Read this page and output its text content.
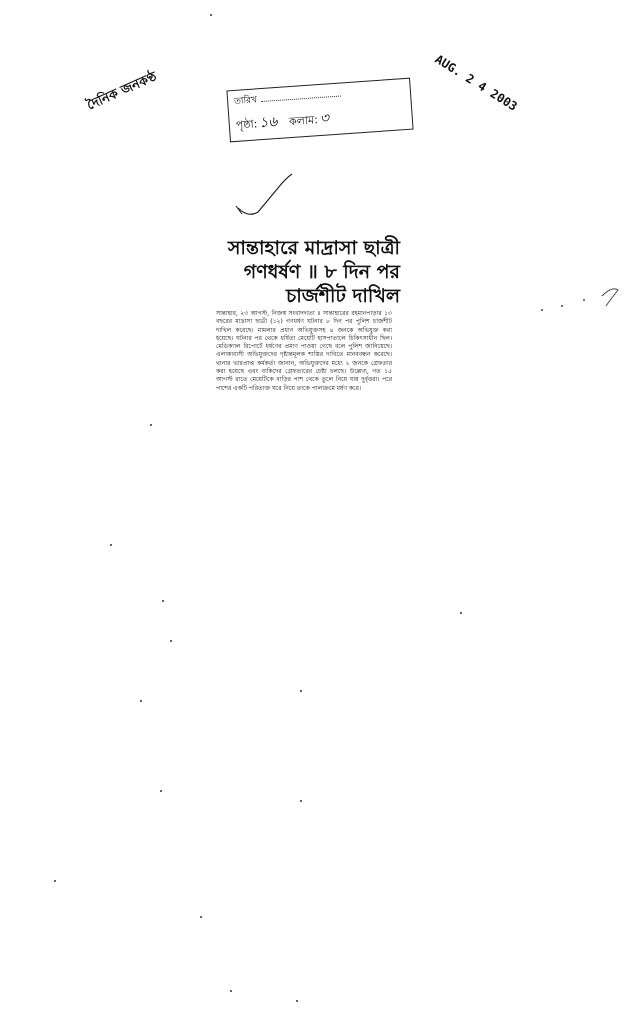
দৈনিক জনকণ্ঠ	AUG. 2 4 2003
তারিখ
পৃষ্ঠা:১৬ কলাম:৩
সান্তাহারে মাদ্রাসা ছাত্রী
গণধর্ষণ ॥ ৮ দিন পর
চার্জশীট দাখিল
সান্তাহার, ২৩ আগস্ট, নিজস্ব সংবাদদাতা ॥ সান্তাহারের রহমানপাড়ার ১৩ বছরের মাদ্রাসা ছাত্রী (১২) গণধর্ষণ ঘটনার ৮ দিন পর পুলিশ চার্জশীট দাখিল করেছে। মামলার প্রধান অভিযুক্তসহ ৪ জনকে অভিযুক্ত করা হয়েছে। ঘটনার পর থেকে ধর্ষিতা মেয়েটি হাসপাতালে চিকিৎসাধীন ছিল। মেডিক্যাল রিপোর্টে ধর্ষণের প্রমাণ পাওয়া গেছে বলে পুলিশ জানিয়েছে। এলাকাবাসী অভিযুক্তদের দৃষ্টান্তমূলক শাস্তির দাবিতে মানববন্ধন করেছে। থানার ভারপ্রাপ্ত কর্মকর্তা জানান, অভিযুক্তদের মধ্যে ২ জনকে গ্রেফতার করা হয়েছে এবং বাকিদের গ্রেফতারের চেষ্টা চলছে। উল্লেখ্য, গত ১৫ আগস্ট রাতে মেয়েটিকে বাড়ির পাশ থেকে তুলে নিয়ে যায় দুর্বৃত্তরা। পরে পাশের একটি পরিত্যক্ত ঘরে নিয়ে তাকে পালাক্রমে ধর্ষণ করে।
